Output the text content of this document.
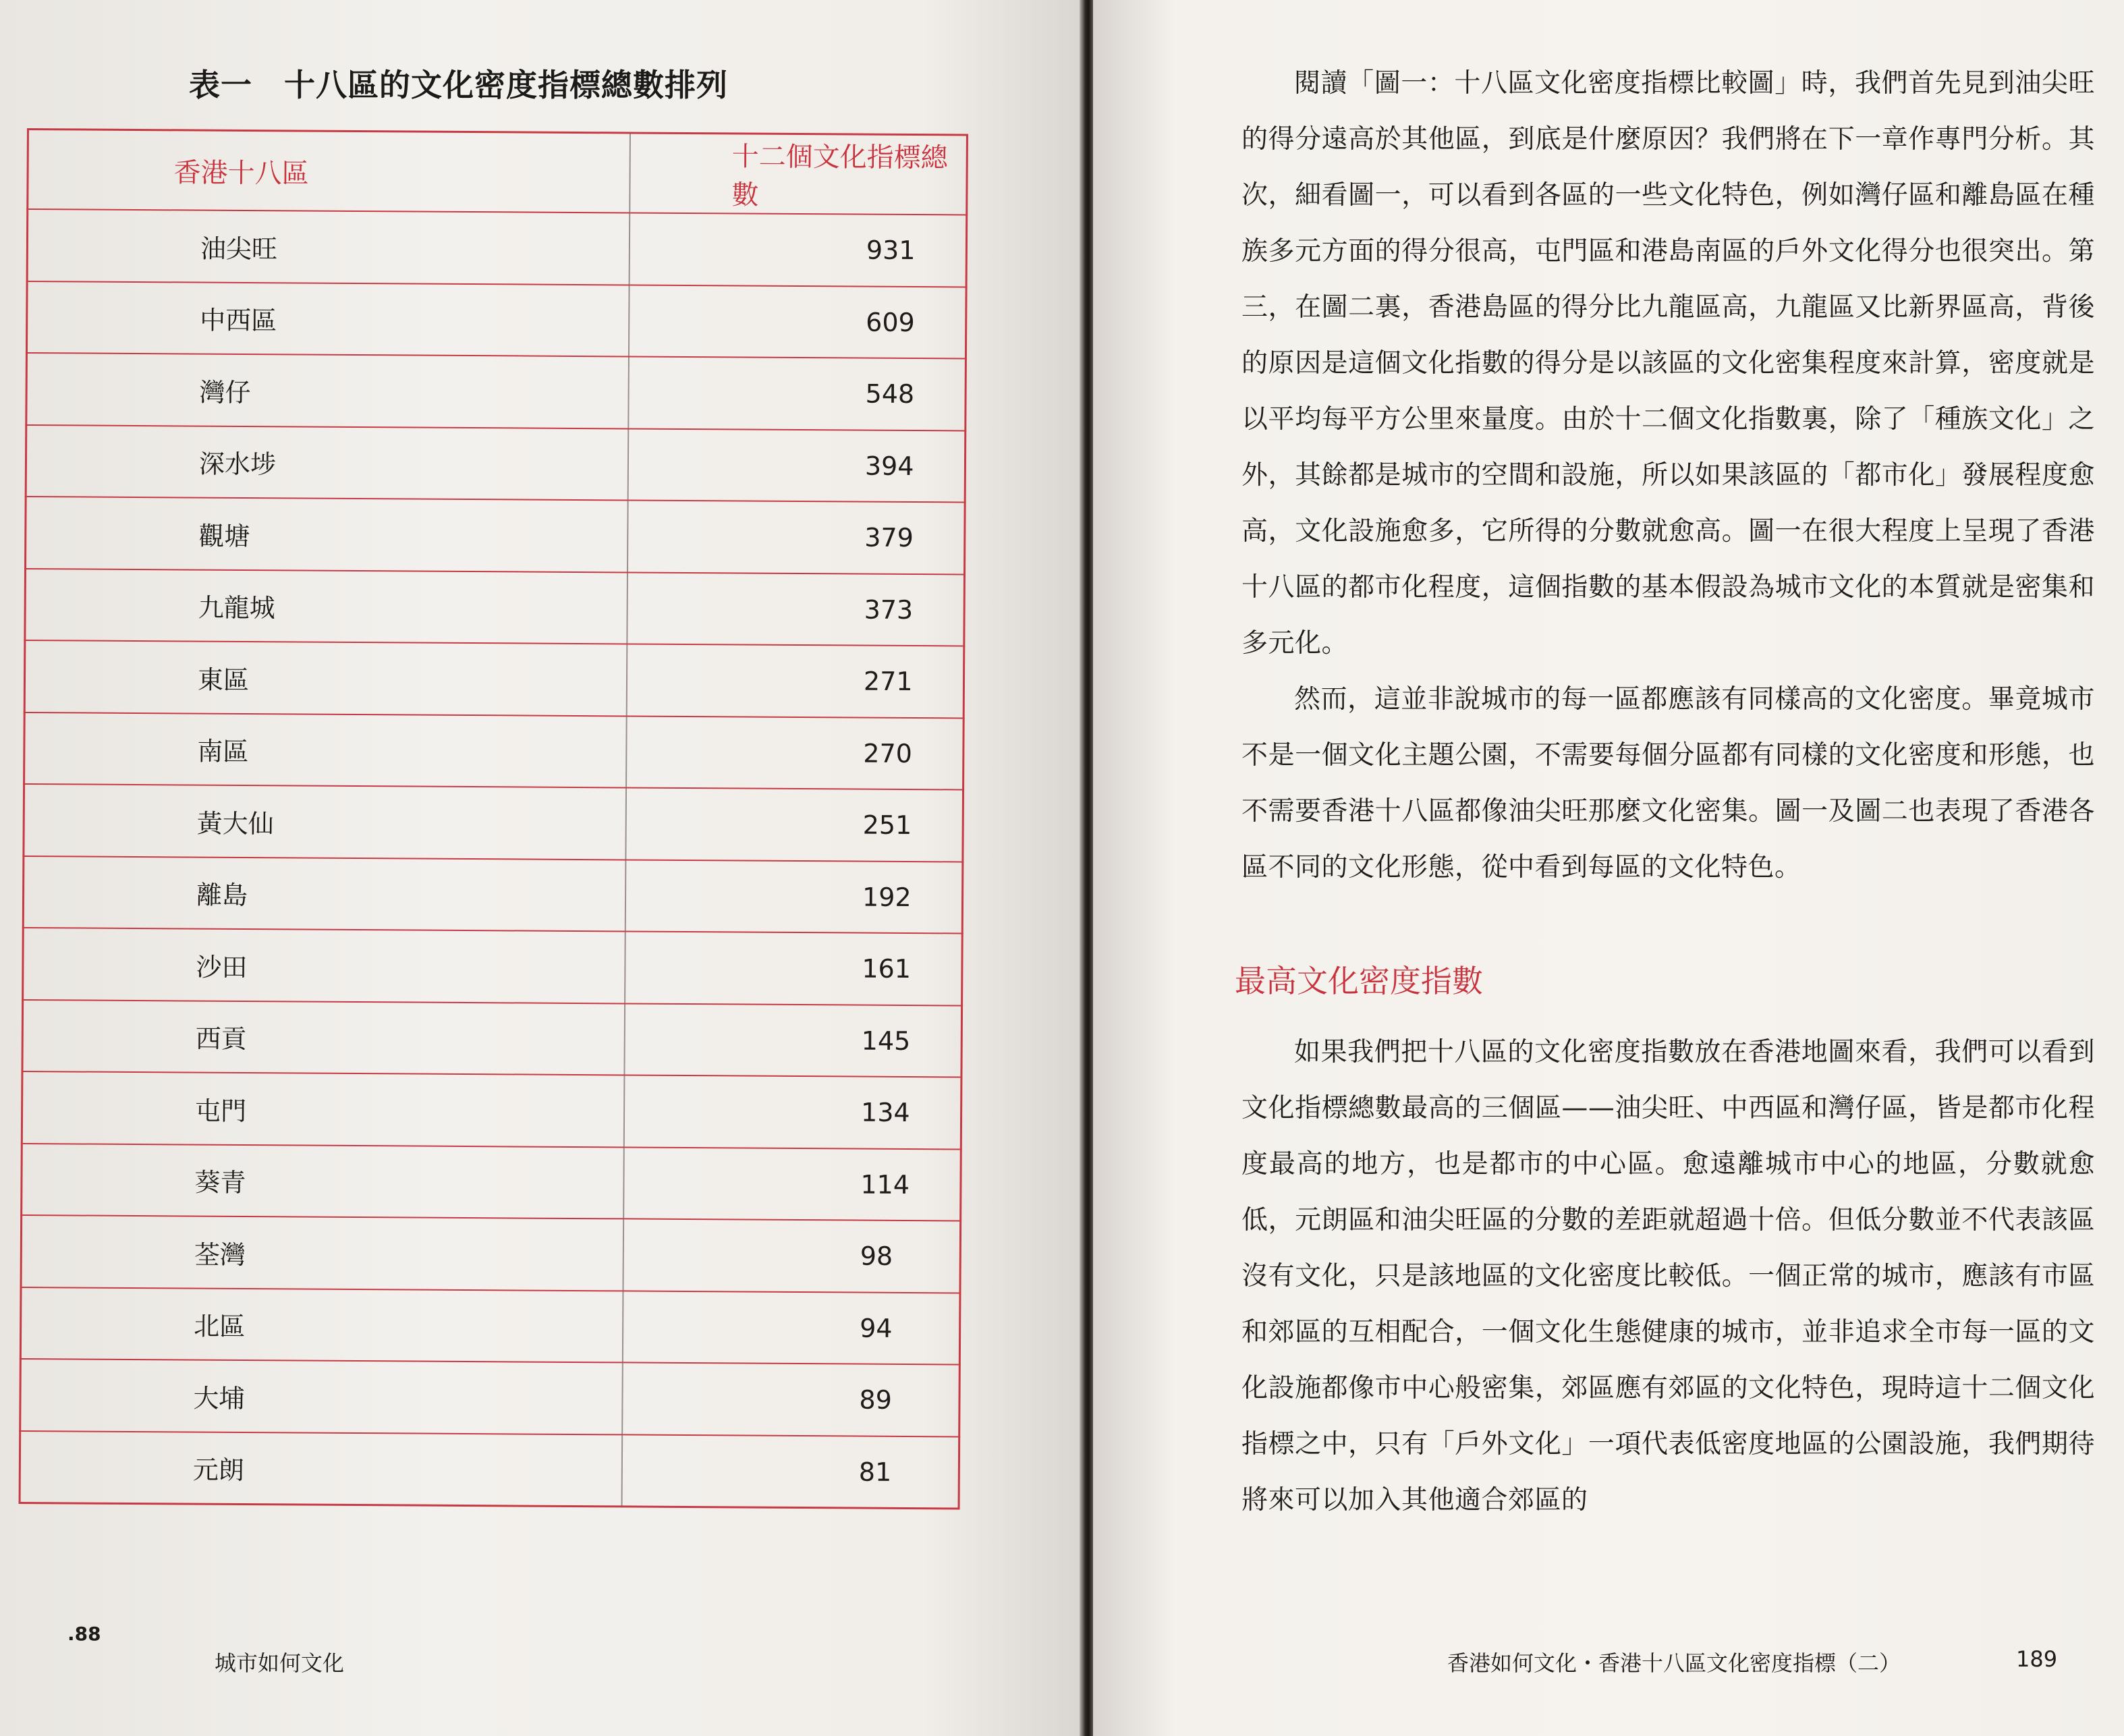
表一　十八區的文化密度指標總數排列
香港十八區	十二個文化指標總數
油尖旺	931
中西區	609
灣仔	548
深水埗	394
觀塘	379
九龍城	373
東區	271
南區	270
黃大仙	251
離島	192
沙田	161
西貢	145
屯門	134
葵青	114
荃灣	98
北區	94
大埔	89
元朗	81
.88
城市如何文化

閱讀「圖一：十八區文化密度指標比較圖」時，我們首先見到油尖旺的得分遠高於其他區，到底是什麼原因？我們將在下一章作專門分析。其次，細看圖一，可以看到各區的一些文化特色，例如灣仔區和離島區在種族多元方面的得分很高，屯門區和港島南區的戶外文化得分也很突出。第三，在圖二裏，香港島區的得分比九龍區高，九龍區又比新界區高，背後的原因是這個文化指數的得分是以該區的文化密集程度來計算，密度就是以平均每平方公里來量度。由於十二個文化指數裏，除了「種族文化」之外，其餘都是城市的空間和設施，所以如果該區的「都市化」發展程度愈高，文化設施愈多，它所得的分數就愈高。圖一在很大程度上呈現了香港十八區的都市化程度，這個指數的基本假設為城市文化的本質就是密集和多元化。

然而，這並非說城市的每一區都應該有同樣高的文化密度。畢竟城市不是一個文化主題公園，不需要每個分區都有同樣的文化密度和形態，也不需要香港十八區都像油尖旺那麼文化密集。圖一及圖二也表現了香港各區不同的文化形態，從中看到每區的文化特色。

最高文化密度指數

如果我們把十八區的文化密度指數放在香港地圖來看，我們可以看到文化指標總數最高的三個區——油尖旺、中西區和灣仔區，皆是都市化程度最高的地方，也是都市的中心區。愈遠離城市中心的地區，分數就愈低，元朗區和油尖旺區的分數的差距就超過十倍。但低分數並不代表該區沒有文化，只是該地區的文化密度比較低。一個正常的城市，應該有市區和郊區的互相配合，一個文化生態健康的城市，並非追求全市每一區的文化設施都像市中心般密集，郊區應有郊區的文化特色，現時這十二個文化指標之中，只有「戶外文化」一項代表低密度地區的公園設施，我們期待將來可以加入其他適合郊區的

香港如何文化・香港十八區文化密度指標（二）	189
